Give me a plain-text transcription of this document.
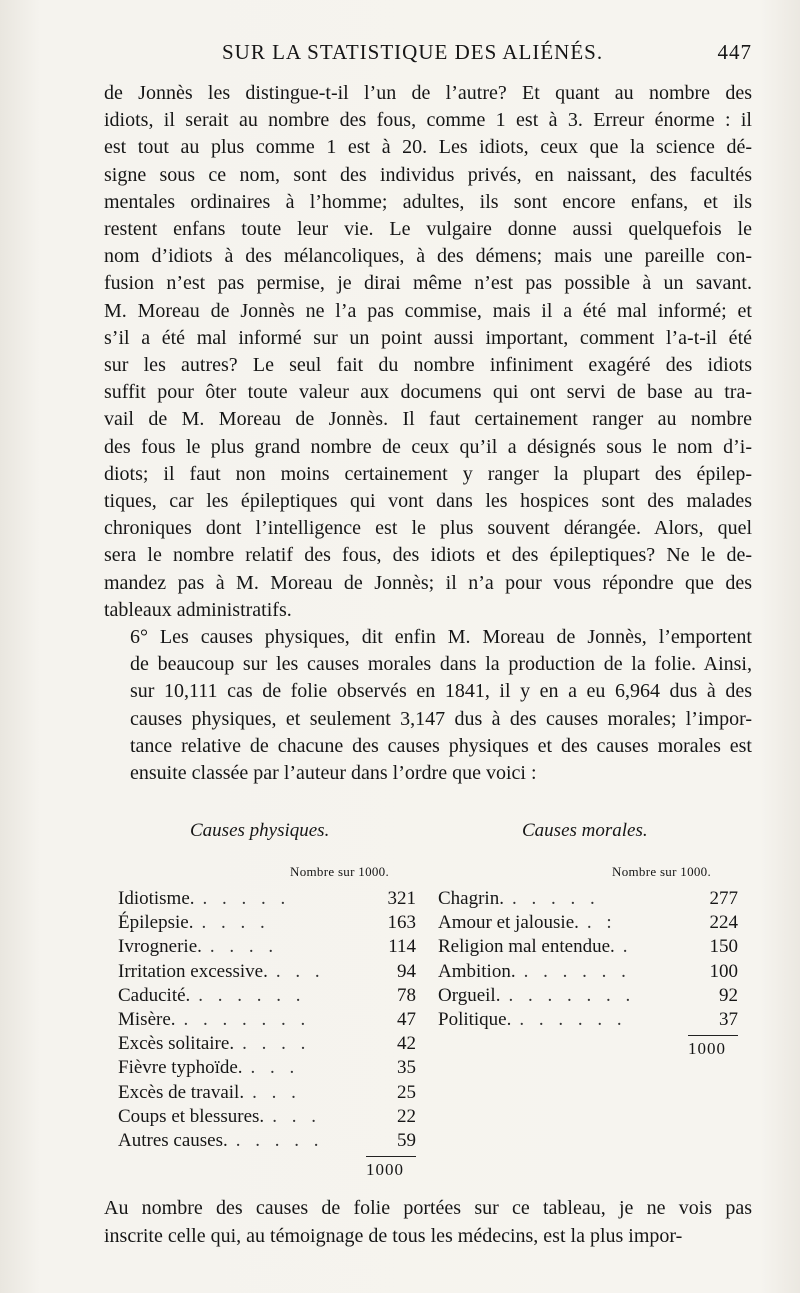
SUR LA STATISTIQUE DES ALIÉNÉS.	447

de Jonnès les distingue-t-il l’un de l’autre? Et quant au nombre des
idiots, il serait au nombre des fous, comme 1 est à 3. Erreur énorme : il
est tout au plus comme 1 est à 20. Les idiots, ceux que la science dé-
signe sous ce nom, sont des individus privés, en naissant, des facultés
mentales ordinaires à l’homme; adultes, ils sont encore enfans, et ils
restent enfans toute leur vie. Le vulgaire donne aussi quelquefois le
nom d’idiots à des mélancoliques, à des démens; mais une pareille con-
fusion n’est pas permise, je dirai même n’est pas possible à un savant.
M. Moreau de Jonnès ne l’a pas commise, mais il a été mal informé; et
s’il a été mal informé sur un point aussi important, comment l’a-t-il été
sur les autres? Le seul fait du nombre infiniment exagéré des idiots
suffit pour ôter toute valeur aux documens qui ont servi de base au tra-
vail de M. Moreau de Jonnès. Il faut certainement ranger au nombre
des fous le plus grand nombre de ceux qu’il a désignés sous le nom d’i-
diots; il faut non moins certainement y ranger la plupart des épilep-
tiques, car les épileptiques qui vont dans les hospices sont des malades
chroniques dont l’intelligence est le plus souvent dérangée. Alors, quel
sera le nombre relatif des fous, des idiots et des épileptiques? Ne le de-
mandez pas à M. Moreau de Jonnès; il n’a pour vous répondre que des
tableaux administratifs.

6° Les causes physiques, dit enfin M. Moreau de Jonnès, l’emportent
de beaucoup sur les causes morales dans la production de la folie. Ainsi,
sur 10,111 cas de folie observés en 1841, il y en a eu 6,964 dus à des
causes physiques, et seulement 3,147 dus à des causes morales; l’impor-
tance relative de chacune des causes physiques et des causes morales est
ensuite classée par l’auteur dans l’ordre que voici :

Causes physiques.
Nombre sur 1000.
Causes morales.
Nombre sur 1000.
Idiotisme. . . . . .	321
Épilepsie. . . . .	163
Ivrognerie. . . . .	114
Irritation excessive. . . .	94
Caducité. . . . . . .	78
Misère. . . . . . . .	47
Excès solitaire. . . . .	42
Fièvre typhoïde. . . .	35
Excès de travail. . . .	25
Coups et blessures. . . .	22
Autres causes. . . . . .	59
1000
Chagrin. . . . . .	277
Amour et jalousie. . :	224
Religion mal entendue. .	150
Ambition. . . . . . .	100
Orgueil. . . . . . . .	92
Politique. . . . . . .	37
1000
Au nombre des causes de folie portées sur ce tableau, je ne vois pas
inscrite celle qui, au témoignage de tous les médecins, est la plus impor-
